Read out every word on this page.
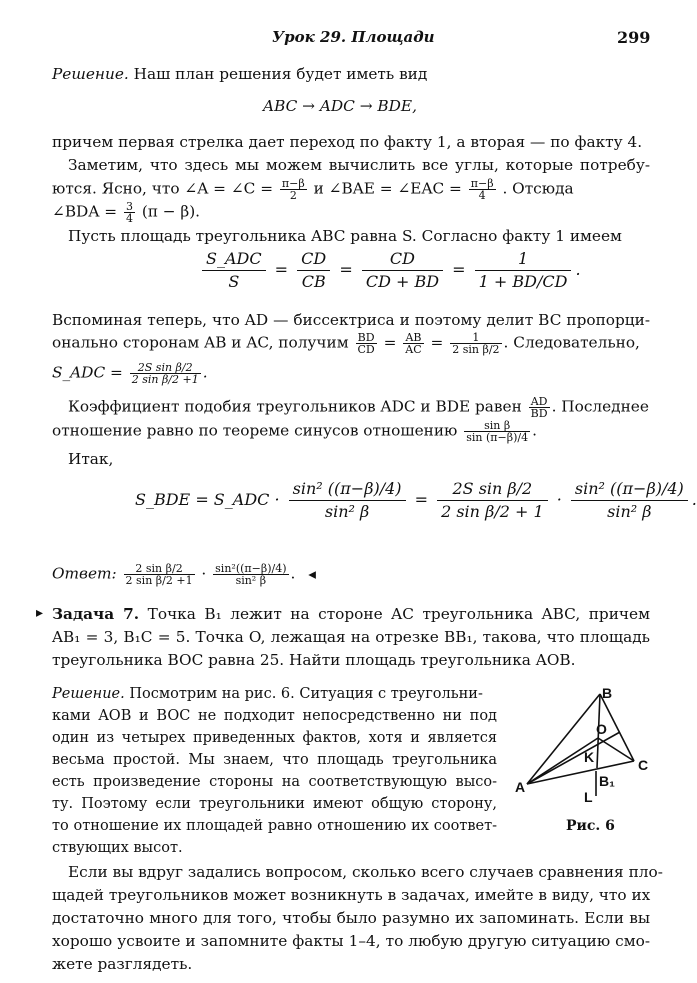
Урок 29. Площади	299
Решение. Наш план решения будет иметь вид
ABC → ADC → BDE,
причем первая стрелка дает переход по факту 1, а вторая — по факту 4.
Заметим, что здесь мы можем вычислить все углы, которые потребу-
ются. Ясно, что ∠A = ∠C = $\frac{\pi-\beta}{2}$ и ∠BAE = ∠EAC = $\frac{\pi-\beta}{4}$ . Отсюда
∠BDA = $\frac{3}{4} (\pi - \beta)$.
Пусть площадь треугольника ABC равна S. Согласно факту 1 имеем
S_ADC
S
= $\frac{CD}{CB} = \frac{CD}{CD + BD} = \frac{1}{1 + BD/CD}$ .
Вспоминая теперь, что AD — биссектриса и поэтому делит BC пропорци-
онально сторонам AB и AC, получим $\frac{BD}{CD} = \frac{AB}{AC} = \frac{1}{\text{2 sin β/2}}$ . Следовательно,
S_ADC = $\frac{\text{2S sin β/2}}{\text{2 sin β/2 +1}}$ .
Коэффициент подобия треугольников ADC и BDE равен $\frac{AD}{BD}$ . Последнее
отношение равно по теореме синусов отношению $\frac{\text{sin β}}{\sin (\pi-\beta)/4}$ .
Итак,
S_BDE = S_ADC · $\frac{\text{sin² ((π−β)/4)}}{\text{sin² β}} = \frac{\text{2S sin β/2}}{\text{2 sin β/2 + 1}} \cdot \frac{\text{sin² ((π−β)/4)}}{\text{sin² β}}$ .
Ответ: $\frac{\text{2 sin β/2}}{\text{2 sin β/2 +1}} \cdot \frac{\text{sin²((π−β)/4)}}{\text{sin² β}}$ . ◂
▸ Задача 7. Точка B₁ лежит на стороне AC треугольника ABC, причем
AB₁ = 3, B₁C = 5. Точка O, лежащая на отрезке BB₁, такова, что площадь
треугольника BOC равна 25. Найти площадь треугольника AOB.
Решение. Посмотрим на рис. 6. Ситуация с треугольни-
ками AOB и BOC не подходит непосредственно ни под
один из четырех приведенных фактов, хотя и является
весьма простой. Мы знаем, что площадь треугольника
есть произведение стороны на соответствующую высо-
ту. Поэтому если треугольники имеют общую сторону,
то отношение их площадей равно отношению их соответ-
ствующих высот.
Если вы вдруг задались вопросом, сколько всего случаев сравнения пло-
щадей треугольников может возникнуть в задачах, имейте в виду, что их
достаточно много для того, чтобы было разумно их запоминать. Если вы
хорошо усвоите и запомните факты 1–4, то любую другую ситуацию смо-
жете разглядеть.
B
C
A
O
K
B₁
L
Рис. 6
